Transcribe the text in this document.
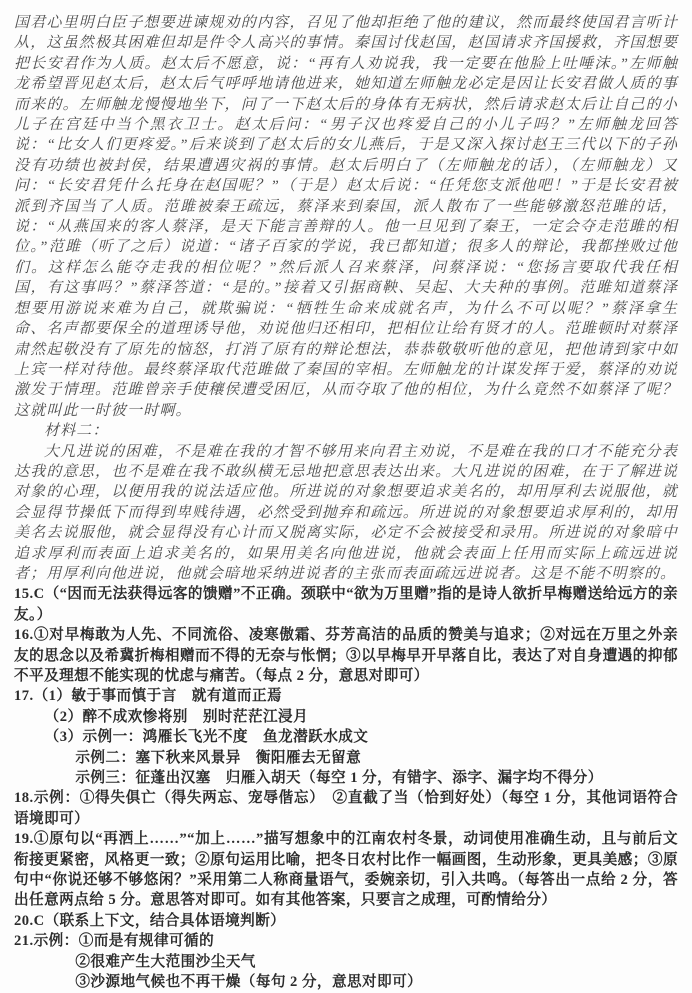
国君心里明白臣子想要进谏规劝的内容，召见了他却拒绝了他的建议，然而最终使国君言听计从，这虽然极其困难但却是件令人高兴的事情。秦国讨伐赵国，赵国请求齐国援救，齐国想要把长安君作为人质。赵太后不愿意，说：“再有人劝说我，我一定要在他脸上吐唾沫。”左师触龙希望晋见赵太后，赵太后气呼呼地请他进来，她知道左师触龙必定是因让长安君做人质的事而来的。左师触龙慢慢地坐下，问了一下赵太后的身体有无病状，然后请求赵太后让自己的小儿子在宫廷中当个黑衣卫士。赵太后问：“男子汉也疼爱自己的小儿子吗？”左师触龙回答说：“比女人们更疼爱。”后来谈到了赵太后的女儿燕后，于是又深入探讨赵王三代以下的子孙没有功绩也被封侯，结果遭遇灾祸的事情。赵太后明白了（左师触龙的话），（左师触龙）又问：“长安君凭什么托身在赵国呢？”（于是）赵太后说：“任凭您支派他吧！”于是长安君被派到齐国当了人质。范雎被秦王疏远，蔡泽来到秦国，派人散布了一些能够激怒范雎的话，说：“从燕国来的客人蔡泽，是天下能言善辩的人。他一旦见到了秦王，一定会夺走范雎的相位。”范雎（听了之后）说道：“诸子百家的学说，我已都知道；很多人的辩论，我都挫败过他们。这样怎么能夺走我的相位呢？”然后派人召来蔡泽，问蔡泽说：“您扬言要取代我任相国，有这事吗？”蔡泽答道：“是的。”接着又引据商鞅、吴起、大夫种的事例。范雎知道蔡泽想要用游说来难为自己，就欺骗说：“牺牲生命来成就名声，为什么不可以呢？”蔡泽拿生命、名声都要保全的道理诱导他，劝说他归还相印，把相位让给有贤才的人。范雎顿时对蔡泽肃然起敬没有了原先的恼怒，打消了原有的辩论想法，恭恭敬敬听他的意见，把他请到家中如上宾一样对待他。最终蔡泽取代范雎做了秦国的宰相。左师触龙的计谋发挥于爱，蔡泽的劝说激发于情理。范雎曾亲手使穰侯遭受困厄，从而夺取了他的相位，为什么竟然不如蔡泽了呢？这就叫此一时彼一时啊。

材料二：

大凡进说的困难，不是难在我的才智不够用来向君主劝说，不是难在我的口才不能充分表达我的意思，也不是难在我不敢纵横无忌地把意思表达出来。大凡进说的困难，在于了解进说对象的心理，以便用我的说法适应他。所进说的对象想要追求美名的，却用厚利去说服他，就会显得节操低下而得到卑贱待遇，必然受到抛弃和疏远。所进说的对象想要追求厚利的，却用美名去说服他，就会显得没有心计而又脱离实际，必定不会被接受和录用。所进说的对象暗中追求厚利而表面上追求美名的，如果用美名向他进说，他就会表面上任用而实际上疏远进说者；用厚利向他进说，他就会暗地采纳进说者的主张而表面疏远进说者。这是不能不明察的。

15.C（“因而无法获得远客的馈赠”不正确。颈联中“欲为万里赠”指的是诗人欲折早梅赠送给远方的亲友。）

16.①对早梅敢为人先、不同流俗、凌寒傲霜、芬芳高洁的品质的赞美与追求；②对远在万里之外亲友的思念以及希冀折梅相赠而不得的无奈与怅惘；③以早梅早开早落自比，表达了对自身遭遇的抑郁不平及理想不能实现的忧虑与痛苦。（每点 2 分，意思对即可）

17.（1）敏于事而慎于言　就有道而正焉

（2）醉不成欢惨将别　别时茫茫江浸月

（3）示例一：鸿雁长飞光不度　鱼龙潜跃水成文

示例二：塞下秋来风景异　衡阳雁去无留意

示例三：征蓬出汉塞　归雁入胡天（每空 1 分，有错字、添字、漏字均不得分）

18.示例：①得失俱亡（得失两忘、宠辱偕忘）　②直截了当（恰到好处）（每空 1 分，其他词语符合语境即可）

19.①原句以“再洒上……”“加上……”描写想象中的江南农村冬景，动词使用准确生动，且与前后文衔接更紧密，风格更一致；②原句运用比喻，把冬日农村比作一幅画图，生动形象，更具美感；③原句中“你说还够不够悠闲？”采用第二人称商量语气，委婉亲切，引入共鸣。（每答出一点给 2 分，答出任意两点给 5 分。意思答对即可。如有其他答案，只要言之成理，可酌情给分）

20.C（联系上下文，结合具体语境判断）

21.示例：①而是有规律可循的

②很难产生大范围沙尘天气

③沙源地气候也不再干燥（每句 2 分，意思对即可）
